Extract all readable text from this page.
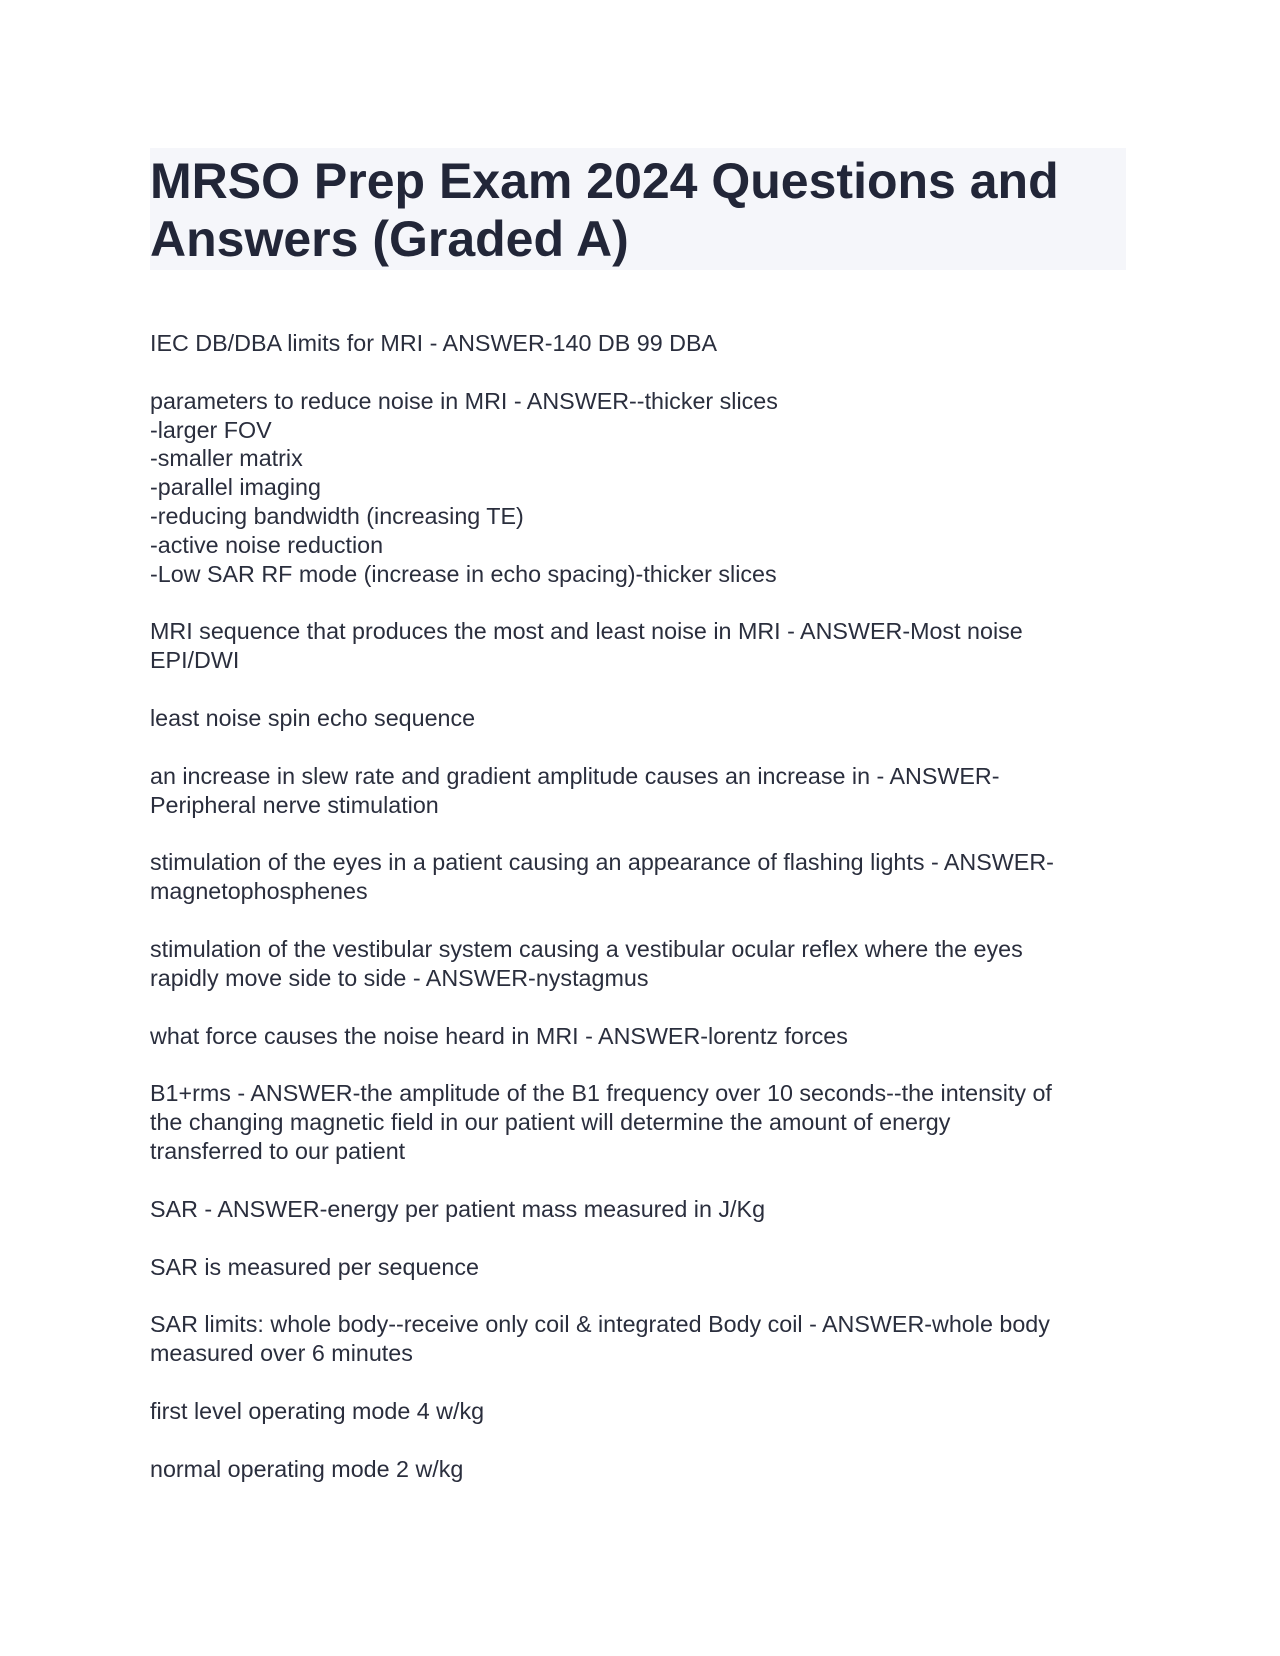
MRSO Prep Exam 2024 Questions and Answers (Graded A)

IEC DB/DBA limits for MRI - ANSWER-140 DB 99 DBA

parameters to reduce noise in MRI - ANSWER--thicker slices
-larger FOV
-smaller matrix
-parallel imaging
-reducing bandwidth (increasing TE)
-active noise reduction
-Low SAR RF mode (increase in echo spacing)-thicker slices

MRI sequence that produces the most and least noise in MRI - ANSWER-Most noise
EPI/DWI

least noise spin echo sequence

an increase in slew rate and gradient amplitude causes an increase in - ANSWER-
Peripheral nerve stimulation

stimulation of the eyes in a patient causing an appearance of flashing lights - ANSWER-
magnetophosphenes

stimulation of the vestibular system causing a vestibular ocular reflex where the eyes
rapidly move side to side - ANSWER-nystagmus

what force causes the noise heard in MRI - ANSWER-lorentz forces

B1+rms - ANSWER-the amplitude of the B1 frequency over 10 seconds--the intensity of
the changing magnetic field in our patient will determine the amount of energy
transferred to our patient

SAR - ANSWER-energy per patient mass measured in J/Kg

SAR is measured per sequence

SAR limits: whole body--receive only coil & integrated Body coil - ANSWER-whole body
measured over 6 minutes

first level operating mode 4 w/kg

normal operating mode 2 w/kg
